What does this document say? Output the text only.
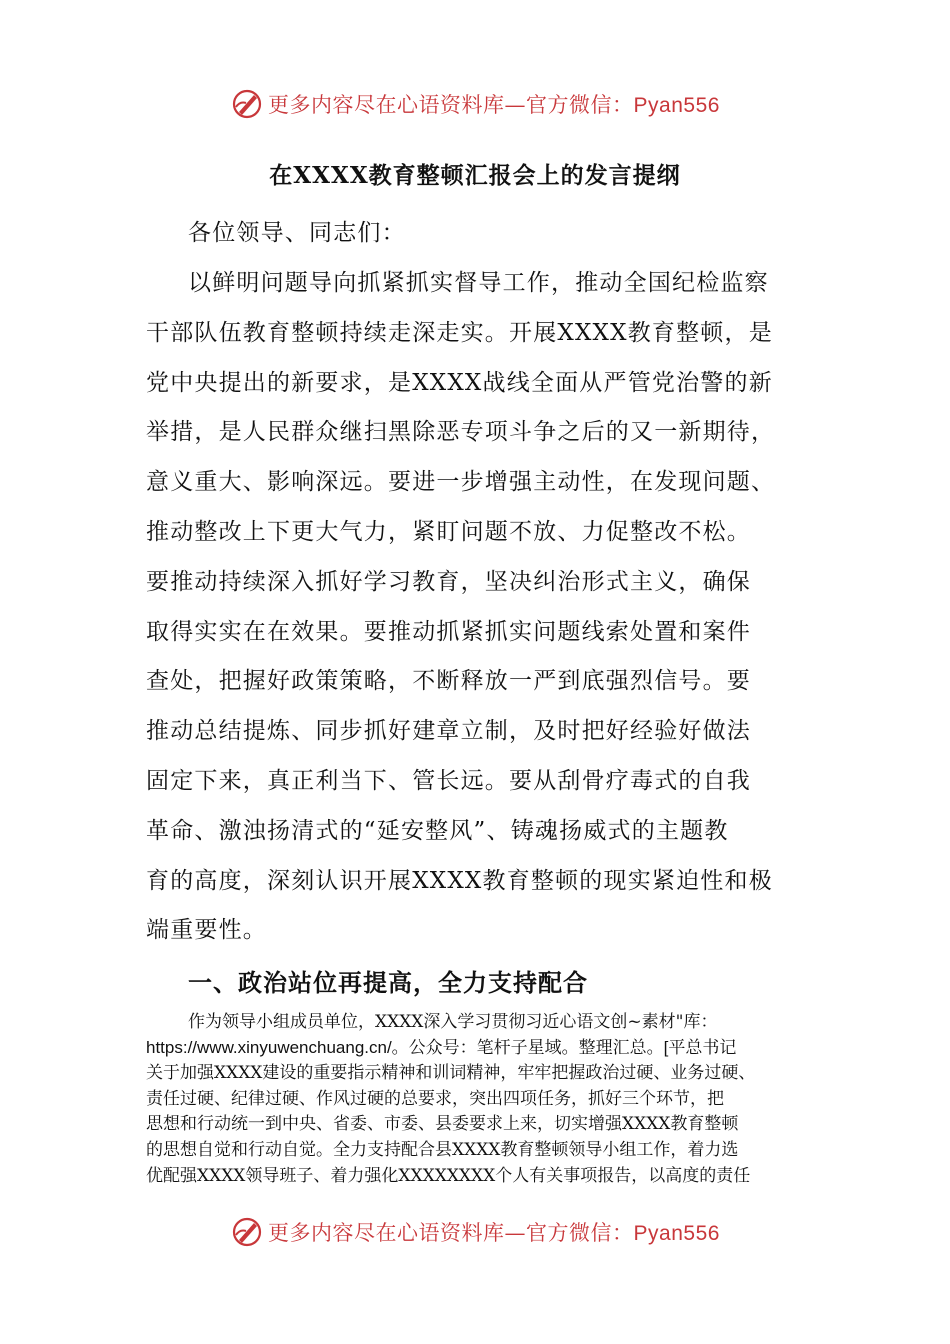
更多内容尽在心语资料库—官方微信：Pyan556
在XXXX教育整顿汇报会上的发言提纲
各位领导、同志们：
以鲜明问题导向抓紧抓实督导工作，推动全国纪检监察
干部队伍教育整顿持续走深走实。开展XXXX教育整顿，是
党中央提出的新要求，是XXXX战线全面从严管党治警的新
举措，是人民群众继扫黑除恶专项斗争之后的又一新期待，
意义重大、影响深远。要进一步增强主动性，在发现问题、
推动整改上下更大气力，紧盯问题不放、力促整改不松。
要推动持续深入抓好学习教育，坚决纠治形式主义，确保
取得实实在在效果。要推动抓紧抓实问题线索处置和案件
查处，把握好政策策略，不断释放一严到底强烈信号。要
推动总结提炼、同步抓好建章立制，及时把好经验好做法
固定下来，真正利当下、管长远。要从刮骨疗毒式的自我
革命、激浊扬清式的“延安整风”、铸魂扬威式的主题教
育的高度，深刻认识开展XXXX教育整顿的现实紧迫性和极
端重要性。
一、政治站位再提高，全力支持配合
作为领导小组成员单位，XXXX深入学习贯彻习近心语文创~素材"库：
https://www.xinyuwenchuang.cn/。公众号：笔杆子星域。整理汇总。[平总书记
关于加强XXXX建设的重要指示精神和训词精神，牢牢把握政治过硬、业务过硬、
责任过硬、纪律过硬、作风过硬的总要求，突出四项任务，抓好三个环节，把
思想和行动统一到中央、省委、市委、县委要求上来，切实增强XXXX教育整顿
的思想自觉和行动自觉。全力支持配合县XXXX教育整顿领导小组工作，着力选
优配强XXXX领导班子、着力强化XXXXXXXX个人有关事项报告，以高度的责任
更多内容尽在心语资料库—官方微信：Pyan556
